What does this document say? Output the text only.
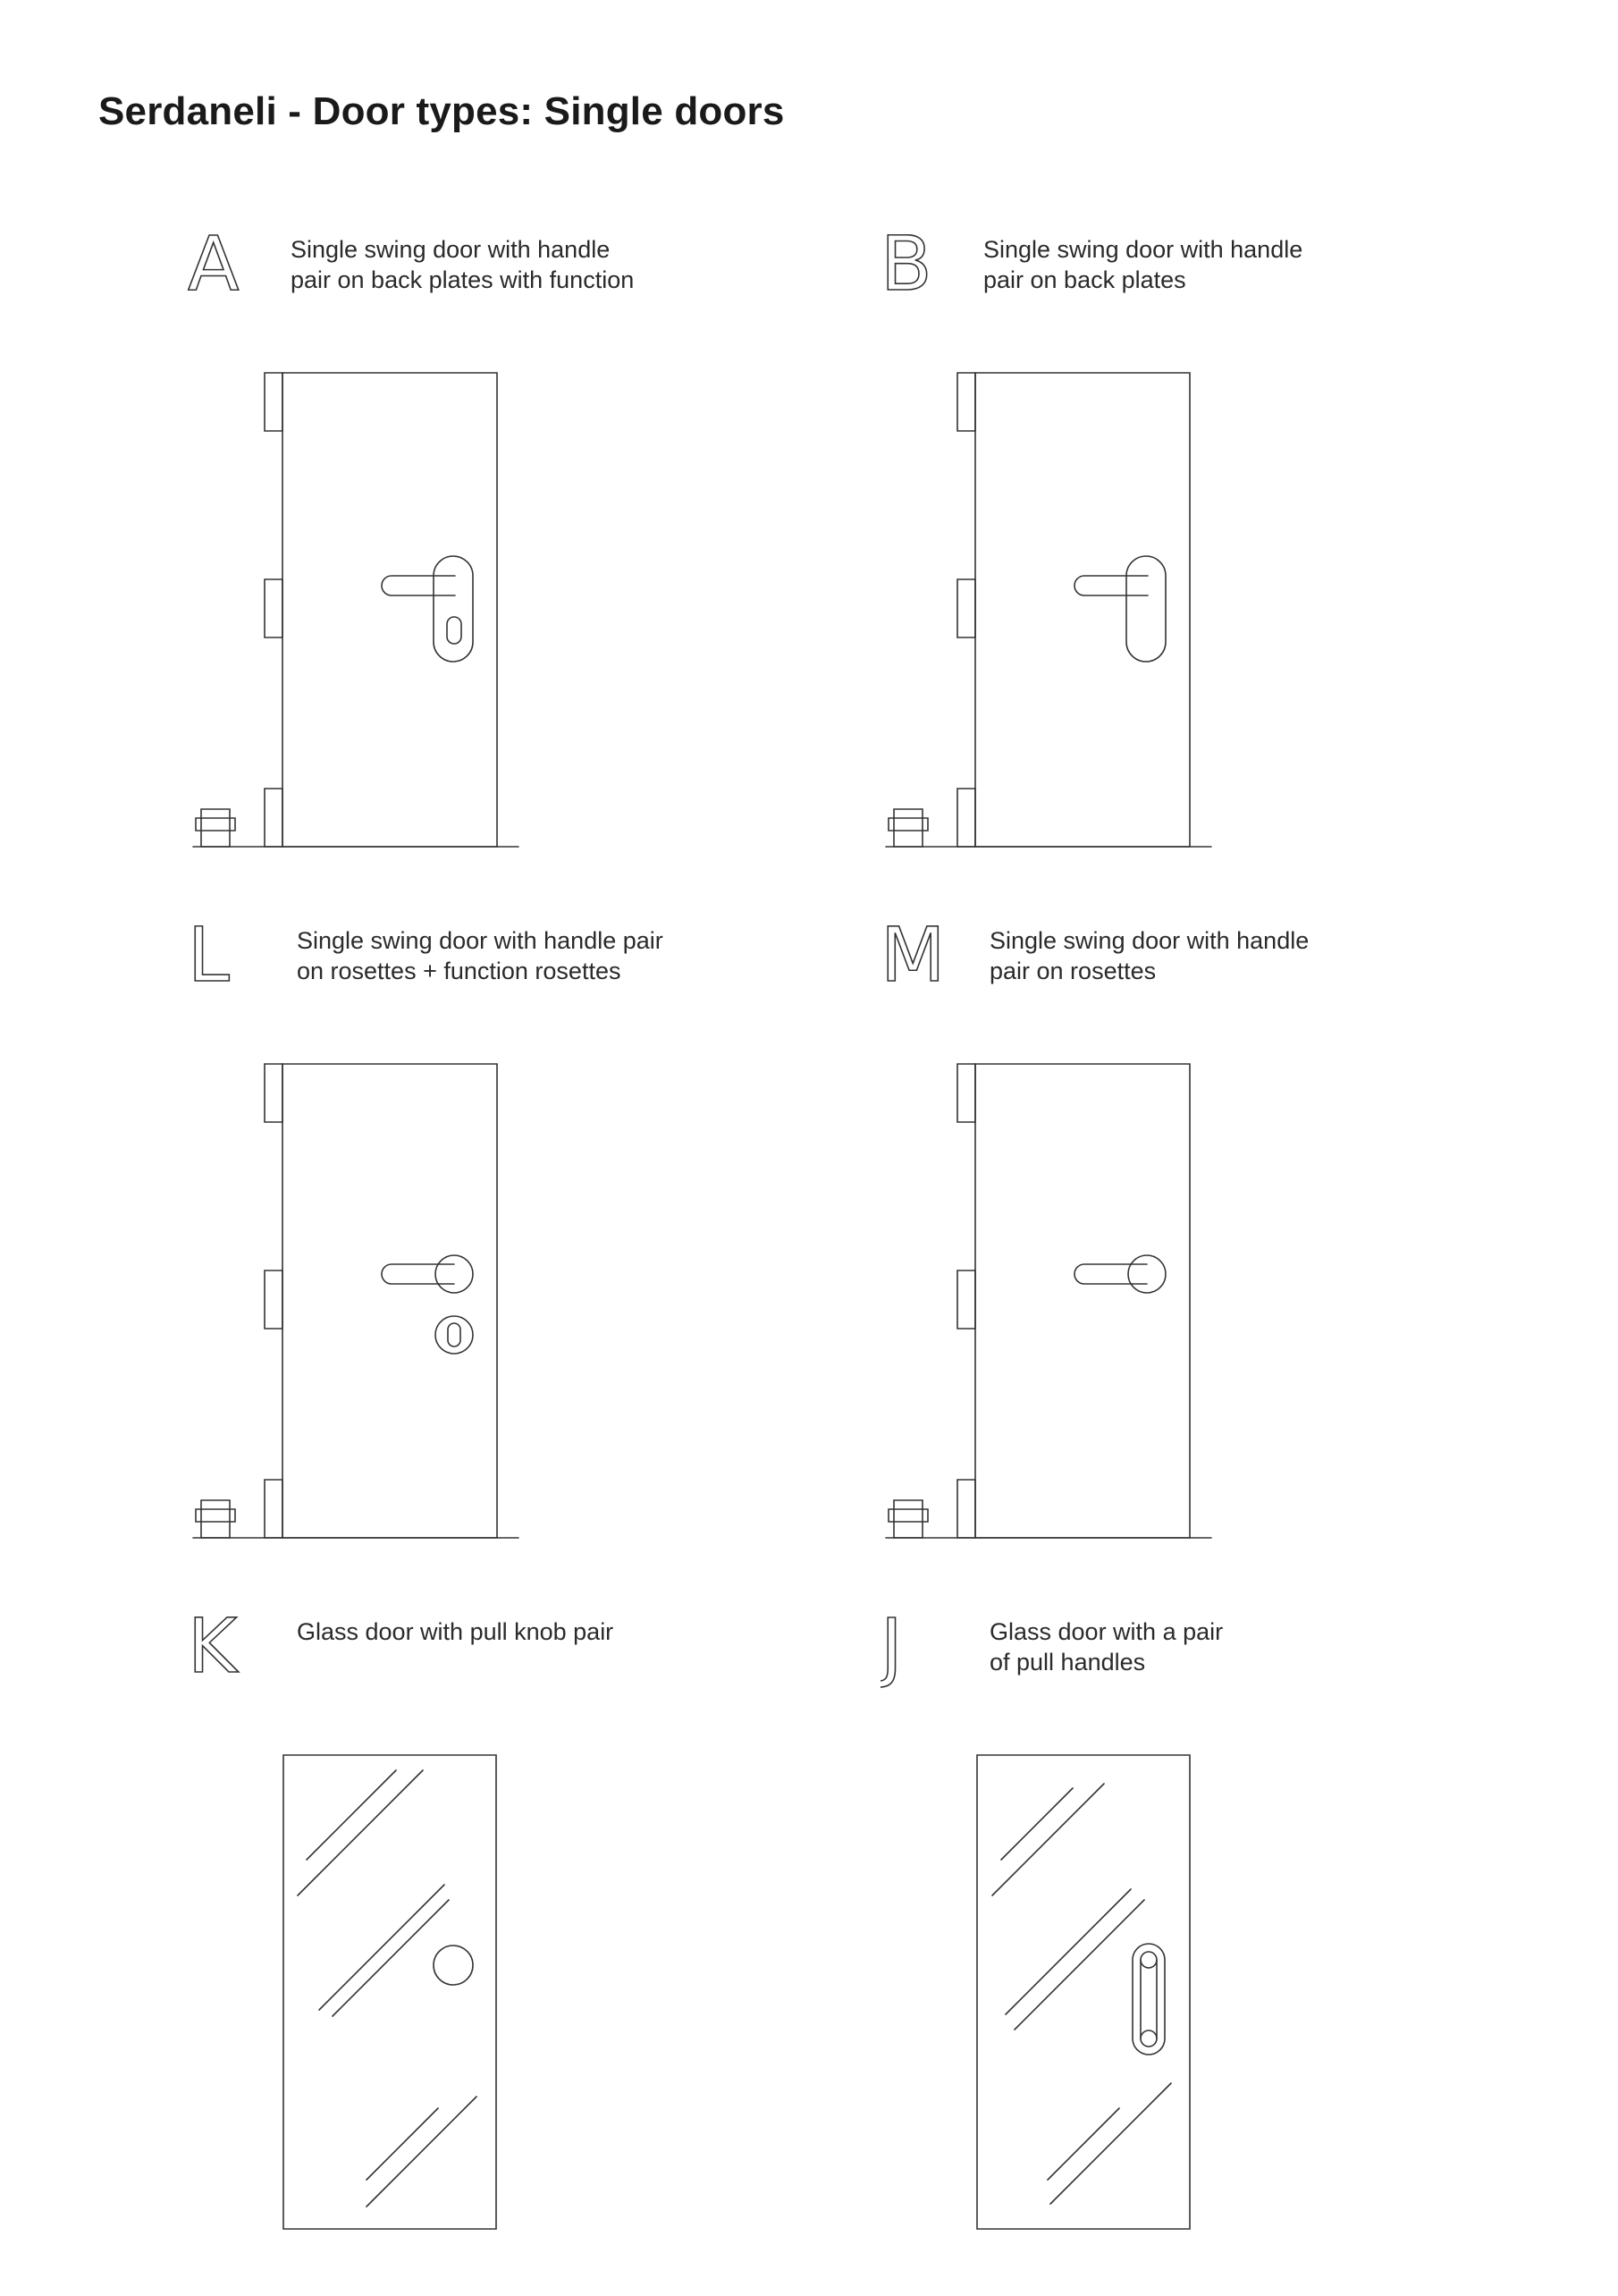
Serdaneli - Door types: Single doors
A Single swing door with handle
pair on back plates with function	B Single swing door with handle
pair on back plates
L	Single swing door with handle pair
on rosettes + function rosettes	M Single swing door with handle
pair on rosettes
K Glass door with pull knob pair	J	Glass door with a pair
of pull handles
